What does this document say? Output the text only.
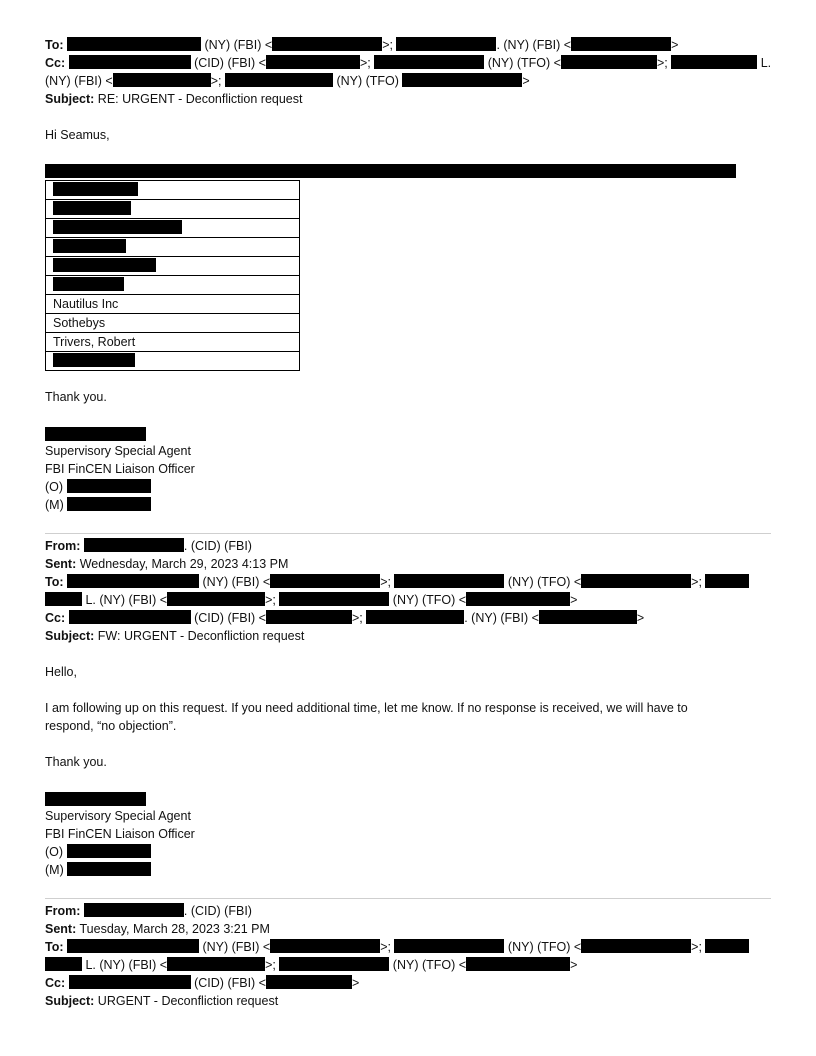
To:	(NY) (FBI) <	>;	. (NY) (FBI) <	>
Cc:	(CID) (FBI) <	>;	(NY) (TFO) <	>;	L.
(NY) (FBI) <	>;	(NY) (TFO)	>
Subject: RE: URGENT - Deconfliction request
Hi Seamus,

Nautilus Inc
Sothebys
Trivers, Robert

Thank you.
Supervisory Special Agent
FBI FinCEN Liaison Officer
(O)
(M)
From:	. (CID) (FBI)
Sent: Wednesday, March 29, 2023 4:13 PM
To:	(NY) (FBI) <	>;	(NY) (TFO) <	>;
L. (NY) (FBI) <	>;	(NY) (TFO) <	>
Cc:	(CID) (FBI) <	>;	. (NY) (FBI) <	>
Subject: FW: URGENT - Deconfliction request
Hello,
I am following up on this request. If you need additional time, let me know. If no response is received, we will have to
respond, “no objection”.
Thank you.
Supervisory Special Agent
FBI FinCEN Liaison Officer
(O)
(M)
From:	. (CID) (FBI)
Sent: Tuesday, March 28, 2023 3:21 PM
To:	(NY) (FBI) <	>;	(NY) (TFO) <	>;
L. (NY) (FBI) <	>;	(NY) (TFO) <	>
Cc:	(CID) (FBI) <	>
Subject: URGENT - Deconfliction request
